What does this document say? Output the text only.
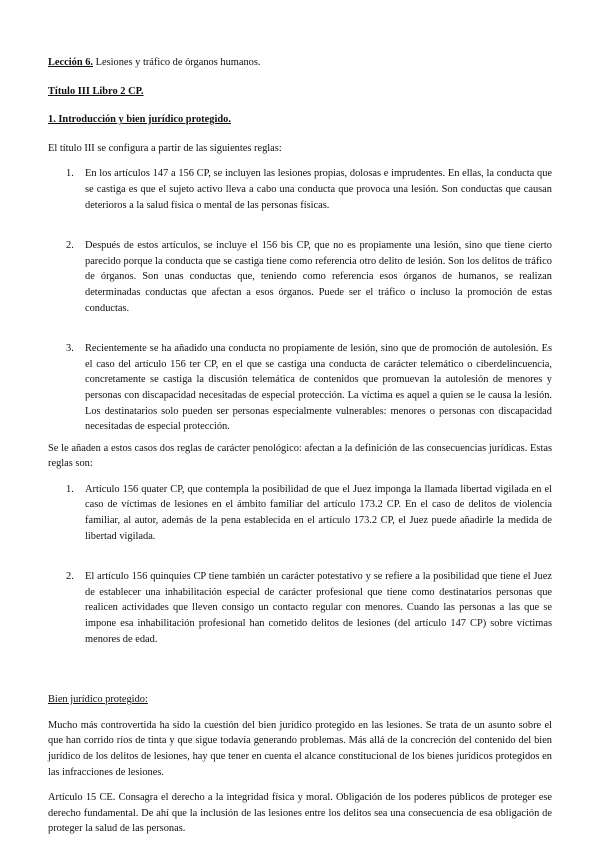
Lección 6. Lesiones y tráfico de órganos humanos.

Título III Libro 2 CP.

1. Introducción y bien jurídico protegido.

El título III se configura a partir de las siguientes reglas:

1. En los artículos 147 a 156 CP, se incluyen las lesiones propias, dolosas e imprudentes. En ellas, la conducta que se castiga es que el sujeto activo lleva a cabo una conducta que provoca una lesión. Son conductas que causan deterioros a la salud física o mental de las personas físicas.
2. Después de estos artículos, se incluye el 156 bis CP, que no es propiamente una lesión, sino que tiene cierto parecido porque la conducta que se castiga tiene como referencia otro delito de lesión. Son los delitos de tráfico de órganos. Son unas conductas que, teniendo como referencia esos órganos de humanos, se realizan determinadas conductas que afectan a esos órganos. Puede ser el tráfico o incluso la promoción de estas conductas.
3. Recientemente se ha añadido una conducta no propiamente de lesión, sino que de promoción de autolesión. Es el caso del artículo 156 ter CP, en el que se castiga una conducta de carácter telemático o ciberdelincuencia, concretamente se castiga la discusión telemática de contenidos que promuevan la autolesión de menores y personas con discapacidad necesitadas de especial protección. La víctima es aquel a quien se le causa la lesión. Los destinatarios solo pueden ser personas especialmente vulnerables: menores o personas con discapacidad necesitadas de especial protección.

Se le añaden a estos casos dos reglas de carácter penológico: afectan a la definición de las consecuencias jurídicas. Estas reglas son:

1. Artículo 156 quater CP, que contempla la posibilidad de que el Juez imponga la llamada libertad vigilada en el caso de víctimas de lesiones en el ámbito familiar del artículo 173.2 CP. En el caso de delitos de violencia familiar, al autor, además de la pena establecida en el artículo 173.2 CP, el Juez puede añadirle la medida de libertad vigilada.
2. El artículo 156 quinquies CP tiene también un carácter potestativo y se refiere a la posibilidad que tiene el Juez de establecer una inhabilitación especial de carácter profesional que tiene como destinatarios personas que realicen actividades que lleven consigo un contacto regular con menores. Cuando las personas a las que se impone esa inhabilitación profesional han cometido delitos de lesiones (del artículo 147 CP) sobre víctimas menores de edad.

Bien jurídico protegido:

Mucho más controvertida ha sido la cuestión del bien jurídico protegido en las lesiones. Se trata de un asunto sobre el que han corrido ríos de tinta y que sigue todavía generando problemas. Más allá de la concreción del contenido del bien jurídico de los delitos de lesiones, hay que tener en cuenta el alcance constitucional de los bienes jurídicos protegidos en las infracciones de lesiones.

Artículo 15 CE. Consagra el derecho a la integridad física y moral. Obligación de los poderes públicos de proteger ese derecho fundamental. De ahí que la inclusión de las lesiones entre los delitos sea una consecuencia de esa obligación de proteger la salud de las personas.
